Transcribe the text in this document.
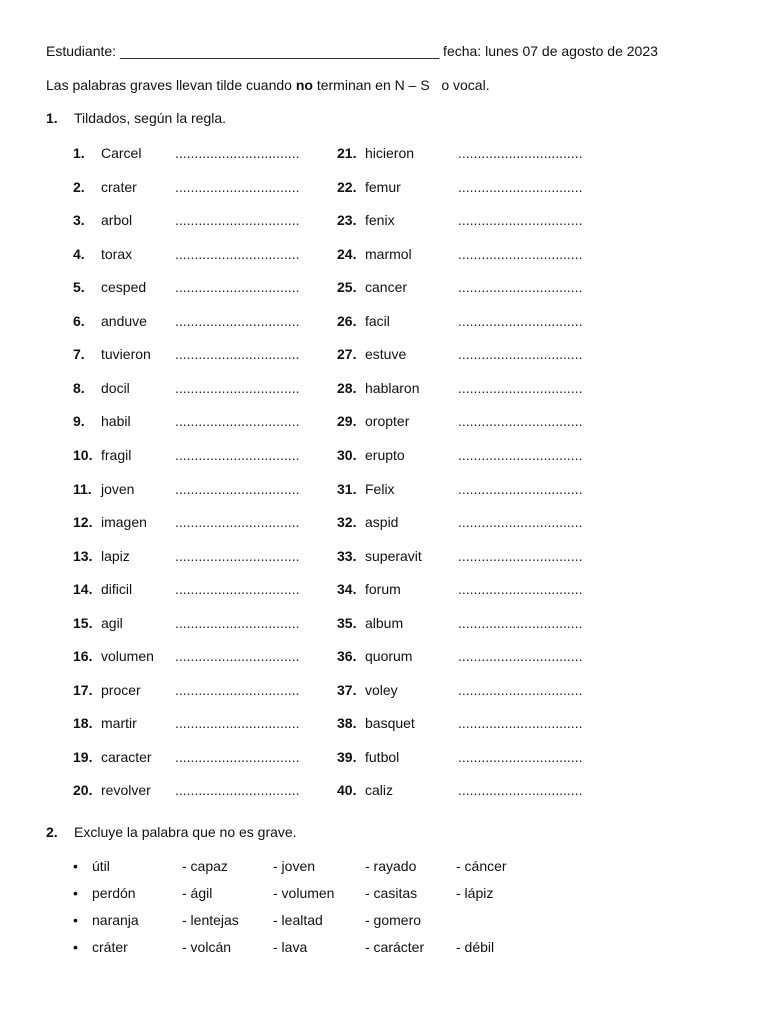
Estudiante: _________________________________________ fecha: lunes 07 de agosto de 2023
Las palabras graves llevan tilde cuando no terminan en N – S   o vocal.
1. Tildados, según la regla.
1.	Carcel ................................
2.	crater	................................
3.	arbol	................................
4.	torax	................................
5.	cesped ................................
6.	anduve ................................
7.	tuvieron ................................
8.	docil	................................
9.	habil	................................
10. fragil	................................
11. joven	................................
12. imagen ................................
13. lapiz	................................
14. dificil	................................
15. agil	................................
16. volumen ................................
17. procer ................................
18. martir	................................
19. caracter ................................
20. revolver ................................
21. hicieron	................................
22. femur	................................
23. fenix	................................
24. marmol	................................
25. cancer	................................
26. facil	................................
27. estuve	................................
28. hablaron	................................
29. oropter	................................
30. erupto	................................
31. Felix	................................
32. aspid	................................
33. superavit	................................
34. forum	................................
35. album	................................
36. quorum	................................
37. voley	................................
38. basquet	................................
39. futbol	................................
40. caliz	................................
2. Excluye la palabra que no es grave.
• útil	- capaz	- joven	- rayado	- cáncer
• perdón	- ágil	- volumen - casitas	- lápiz
• naranja	- lentejas - lealtad	- gomero
• cráter	- volcán	- lava	- carácter - débil
